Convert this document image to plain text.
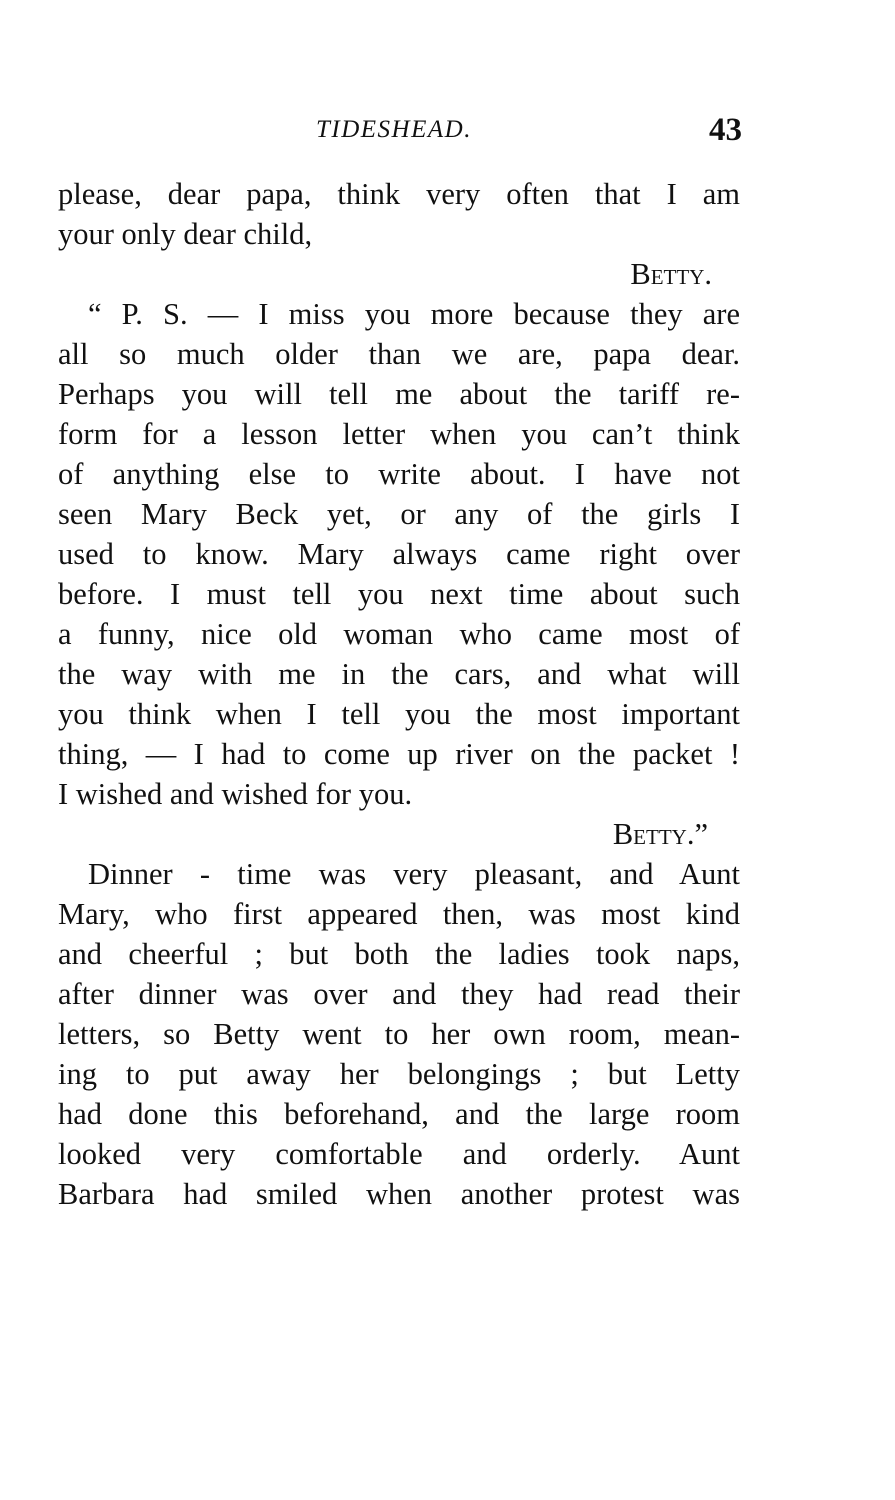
TIDESHEAD.	43
please, dear papa, think very often that I am
your only dear child,
Betty.
“ P. S. — I miss you more because they are
all so much older than we are, papa dear.
Perhaps you will tell me about the tariff re-
form for a lesson letter when you can’t think
of anything else to write about. I have not
seen Mary Beck yet, or any of the girls I
used to know. Mary always came right over
before. I must tell you next time about such
a funny, nice old woman who came most of
the way with me in the cars, and what will
you think when I tell you the most important
thing, — I had to come up river on the packet !
I wished and wished for you.
Betty.”
Dinner - time was very pleasant, and Aunt
Mary, who first appeared then, was most kind
and cheerful ; but both the ladies took naps,
after dinner was over and they had read their
letters, so Betty went to her own room, mean-
ing to put away her belongings ; but Letty
had done this beforehand, and the large room
looked very comfortable and orderly. Aunt
Barbara had smiled when another protest was
